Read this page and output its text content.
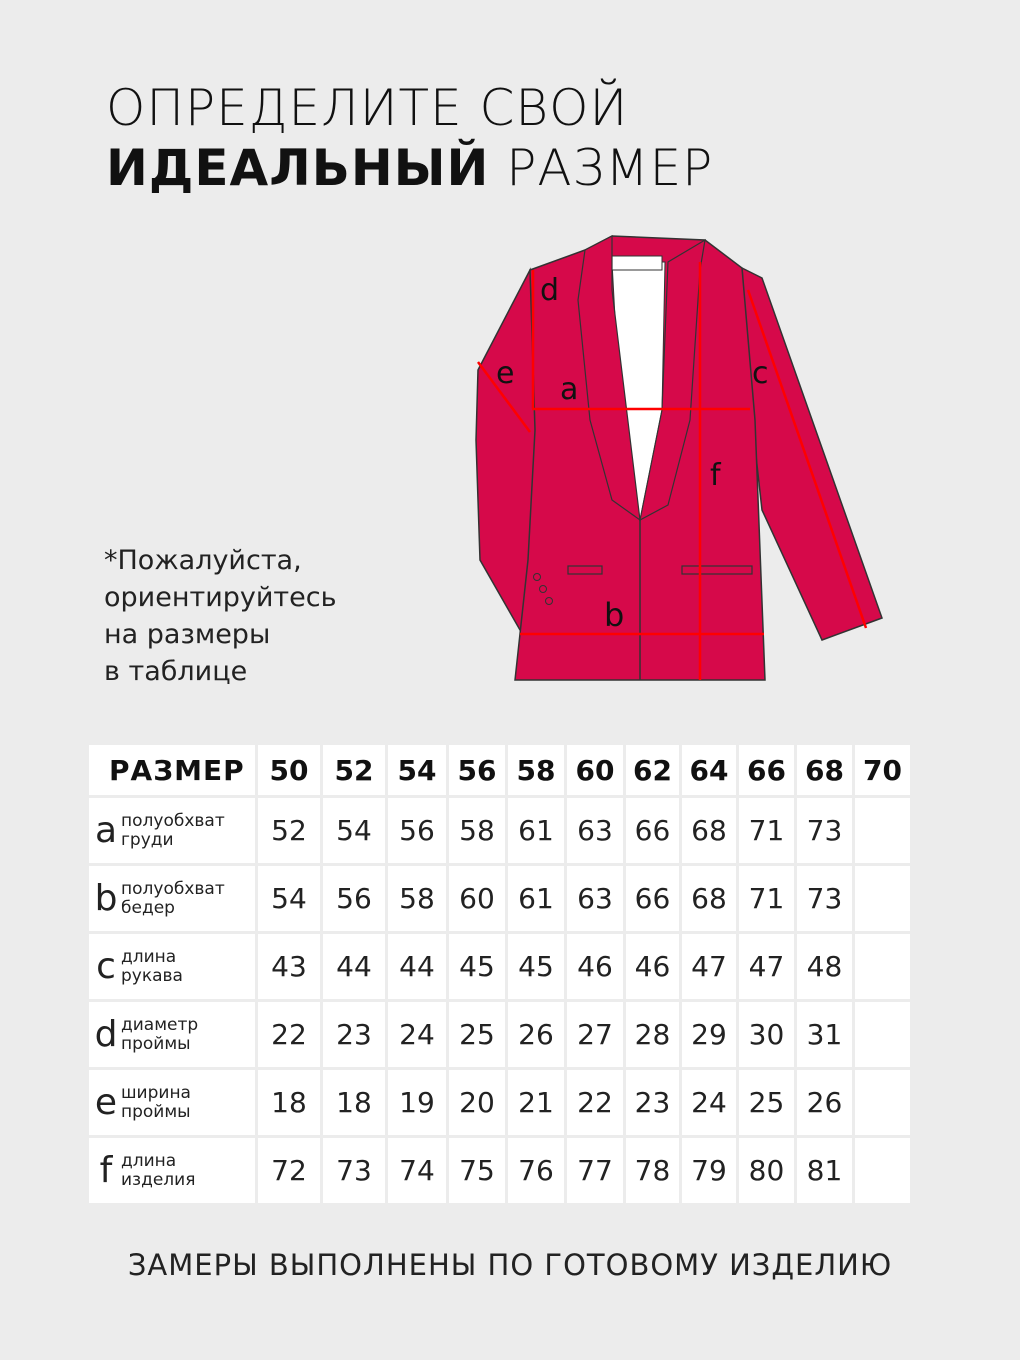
ОПРЕДЕЛИТЕ СВОЙ
ИДЕАЛЬНЫЙ РАЗМЕР
*Пожалуйста,
ориентируйтесь
на размеры
в таблице
d
e a	c
f
b
РАЗМЕР	50	52	54	56	58	60	62	64	66	68	70
a полуобхват
груди	52	54	56	58	61	63	66	68	71	73	
b полуобхват
бедер	54	56	58	60	61	63	66	68	71	73	
c длина
рукава	43	44	44	45	45	46	46	47	47	48	
d диаметр
проймы	22	23	24	25	26	27	28	29	30	31	
e ширина
проймы	18	18	19	20	21	22	23	24	25	26	
f длина
изделия	72	73	74	75	76	77	78	79	80	81	
ЗАМЕРЫ ВЫПОЛНЕНЫ ПО ГОТОВОМУ ИЗДЕЛИЮ
